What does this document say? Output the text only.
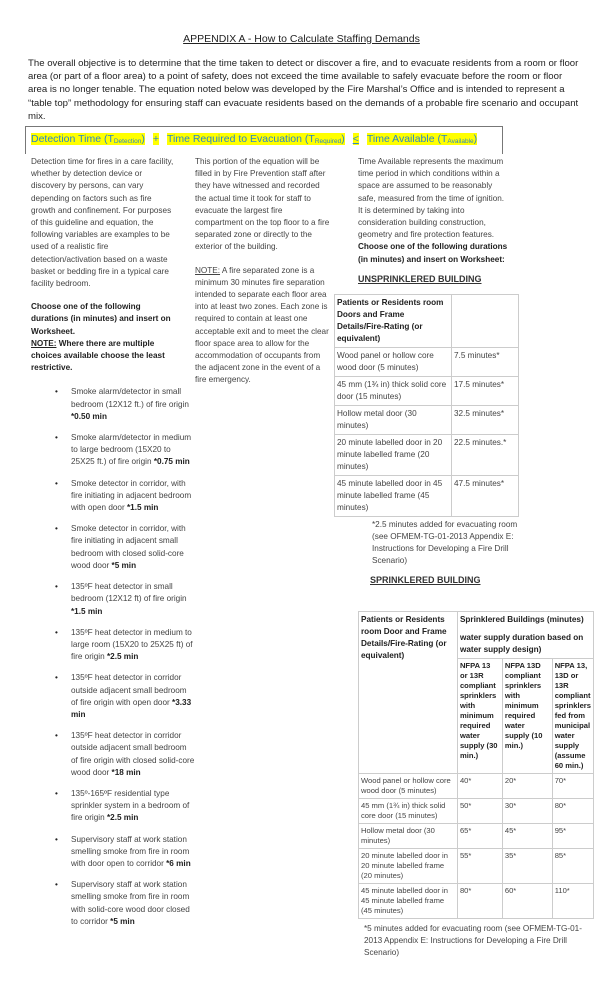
APPENDIX A - How to Calculate Staffing Demands
The overall objective is to determine that the time taken to detect or discover a fire, and to evacuate residents from a room or floor area (or part of a floor area) to a point of safety, does not exceed the time available to safely evacuate before the room or floor area is no longer tenable. The equation noted below was developed by the Fire Marshal’s Office and is intended to represent a “table top” methodology for ensuring staff can evacuate residents based on the demands of a probable fire scenario and occupant mix.
Detection Time $(T_{Detection})$ + Time Required to Evacuation $(T_{Required})$ < Time Available $(T_{Available})$

Detection time for fires in a care facility, whether by detection device or discovery by persons, can vary depending on factors such as fire growth and confinement. For purposes of this guideline and equation, the following variables are examples to be used of a realistic fire detection/activation based on a waste basket or bedding fire in a typical care facility bedroom.

Choose one of the following durations (in minutes) and insert on Worksheet.
NOTE: Where there are multiple choices available choose the least restrictive.

• Smoke alarm/detector in small bedroom (12X12 ft.) of fire origin *0.50 min
• Smoke alarm/detector in medium to large bedroom (15X20 to 25X25 ft.) of fire origin *0.75 min
• Smoke detector in corridor, with fire initiating in adjacent bedroom with open door *1.5 min
• Smoke detector in corridor, with fire initiating in adjacent small bedroom with closed solid-core wood door *5 min
• 135ºF heat detector in small bedroom (12X12 ft) of fire origin *1.5 min
• 135ºF heat detector in medium to large room (15X20 to 25X25 ft) of fire origin *2.5 min
• 135ºF heat detector in corridor outside adjacent small bedroom of fire origin with open door *3.33 min
• 135ºF heat detector in corridor outside adjacent small bedroom of fire origin with closed solid-core wood door *18 min
• 135º-165ºF residential type sprinkler system in a bedroom of fire origin *2.5 min
• Supervisory staff at work station smelling smoke from fire in room with door open to corridor *6 min
• Supervisory staff at work station smelling smoke from fire in room with solid-core wood door closed to corridor *5 min

This portion of the equation will be filled in by Fire Prevention staff after they have witnessed and recorded the actual time it took for staff to evacuate the largest fire compartment on the top floor to a fire separated zone or directly to the exterior of the building.

NOTE: A fire separated zone is a minimum 30 minutes fire separation intended to separate each floor area into at least two zones. Each zone is required to contain at least one acceptable exit and to meet the clear floor space area to allow for the accommodation of occupants from the adjacent zone in the event of a fire emergency.

Time Available represents the maximum time period in which conditions within a space are assumed to be reasonably safe, measured from the time of ignition. It is determined by taking into consideration building construction, geometry and fire protection features.

Choose one of the following durations (in minutes) and insert on Worksheet:

UNSPRINKLERED BUILDING
Patients or Residents room Doors and Frame Details/Fire-Rating (or equivalent)	
Wood panel or hollow core wood door (5 minutes)	7.5 minutes*
45 mm (1¾ in) thick solid core door (15 minutes)	17.5 minutes*
Hollow metal door (30 minutes)	32.5 minutes*
20 minute labelled door in 20 minute labelled frame (20 minutes)	22.5 minutes.*
45 minute labelled door in 45 minute labelled frame (45 minutes)	47.5 minutes*
*2.5 minutes added for evacuating room (see OFMEM-TG-01-2013 Appendix E: Instructions for Developing a Fire Drill Scenario)
SPRINKLERED BUILDING
Patients or Residents room Door and Frame Details/Fire-Rating (or equivalent)	Sprinklered Buildings (minutes)
water supply duration based on water supply design)		

	NFPA 13 or 13R compliant sprinklers with minimum required water supply (30 min.)	NFPA 13D compliant sprinklers with minimum required water supply (10 min.)	NFPA 13, 13D or 13R compliant sprinklers fed from municipal water supply (assume 60 min.)
Wood panel or hollow core wood door (5 minutes)	40*	20*	70*
45 mm (1¾ in) thick solid core door (15 minutes)	50*	30*	80*
Hollow metal door (30 minutes)	65*	45*	95*
20 minute labelled door in 20 minute labelled frame (20 minutes)	55*	35*	85*
45 minute labelled door in 45 minute labelled frame (45 minutes)	80*	60*	110*
*5 minutes added for evacuating room (see OFMEM-TG-01-2013 Appendix E: Instructions for Developing a Fire Drill Scenario)
